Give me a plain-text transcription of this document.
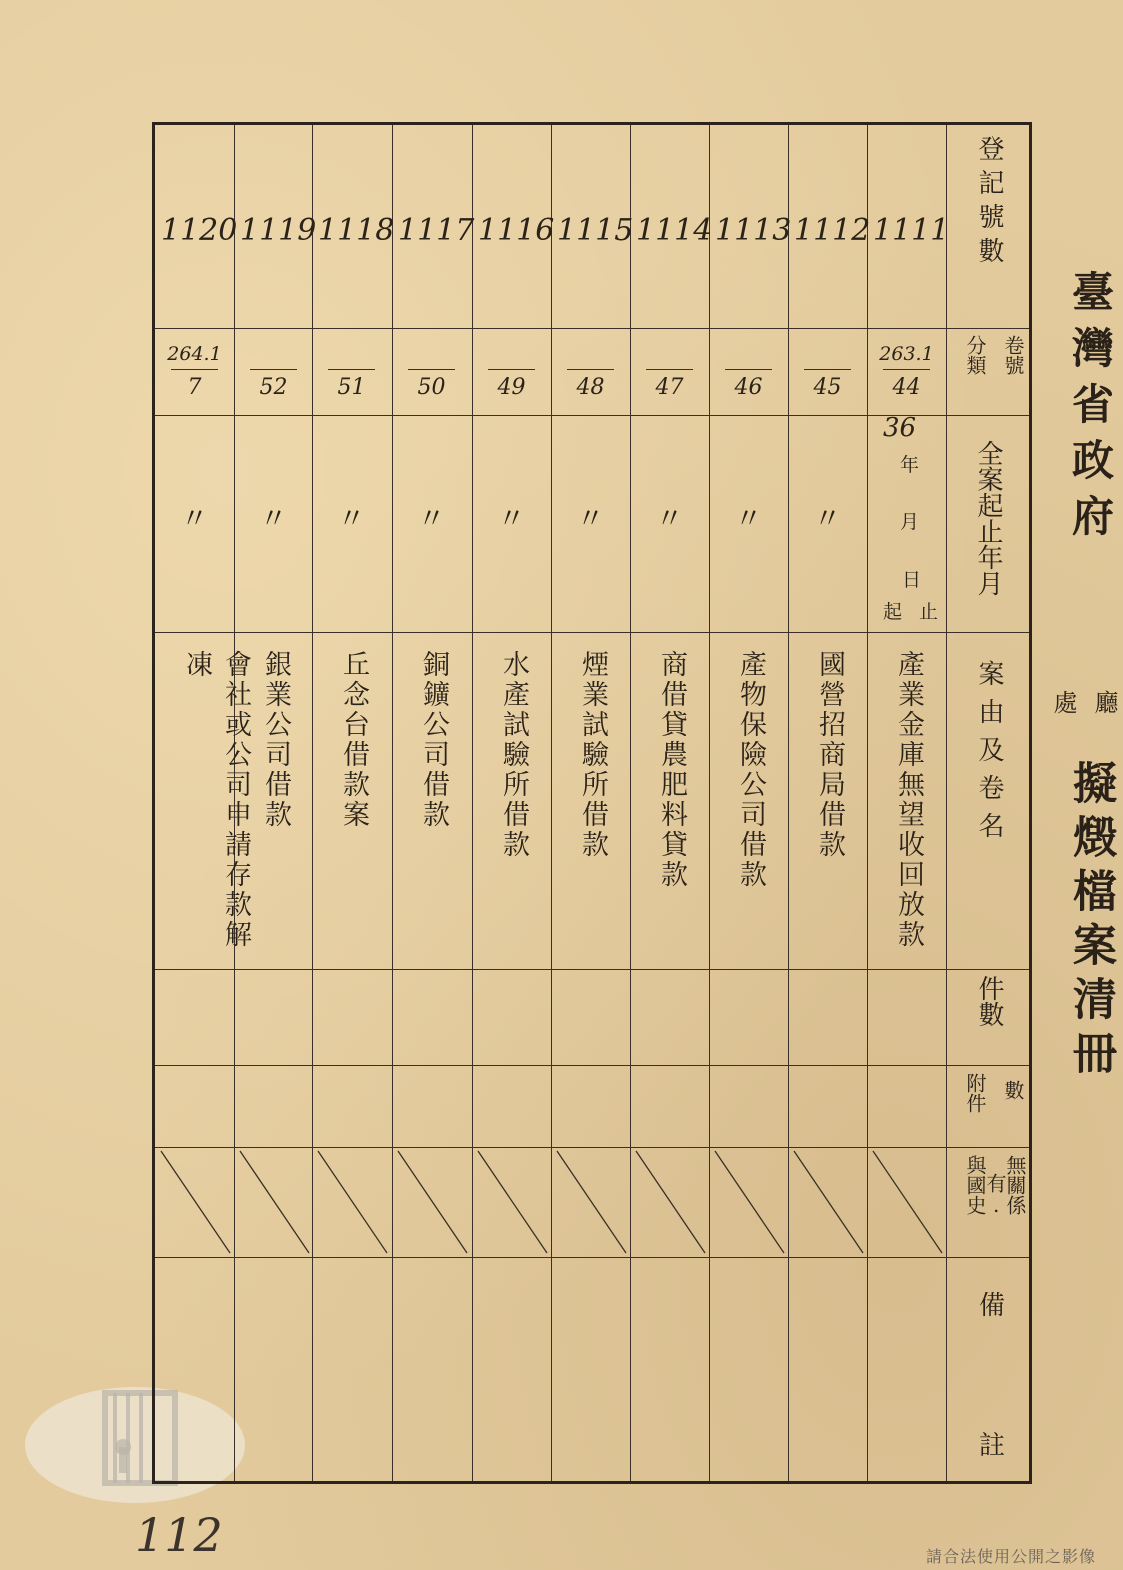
臺灣省政府
廳
處
擬燬檔案清冊
登記號數
卷號
分類
全案起止年月
案由及卷名
件數
數
附件
無關係
有
與國史 .
備
註
36
年
月
日
起 止
1111
263.1
44
產業金庫無望收回放款
1112
45
〃
國營招商局借款
1113
46
〃
產物保險公司借款
1114
47
〃
商借貸農肥料貸款
1115
48
〃
煙業試驗所借款
1116
49
〃
水產試驗所借款
1117
50
〃
銅鑛公司借款
1118
51
〃
丘念台借款案
1119
52
〃
銀業公司借款
1120
264.1
7
〃
會社或公司申請存款解凍
112	請合法使用公開之影像
